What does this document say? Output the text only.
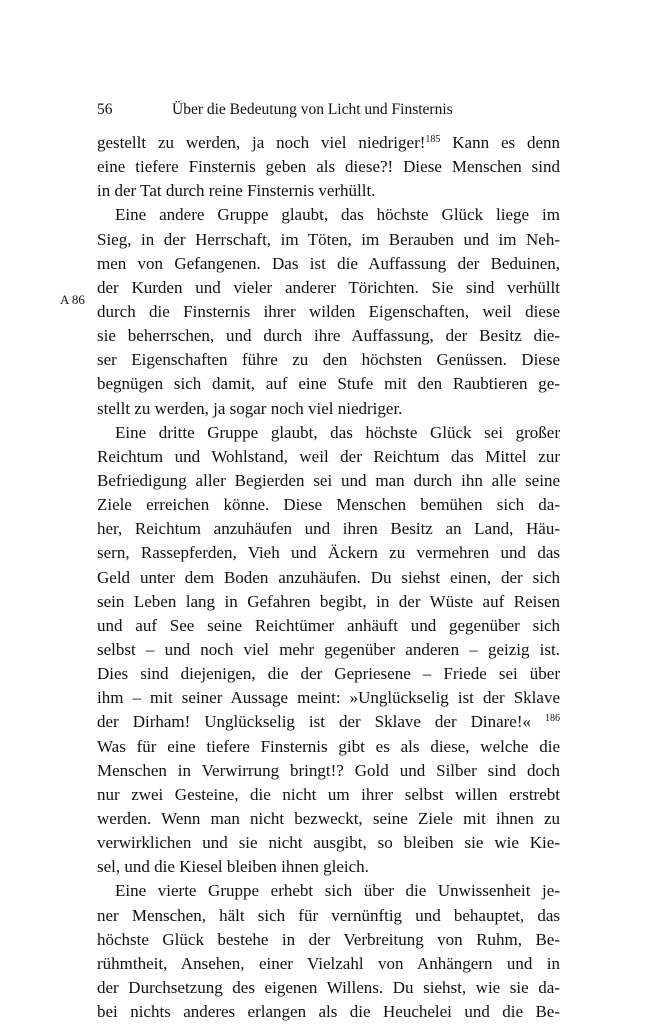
56	Über die Bedeutung von Licht und Finsternis
A 86
gestellt zu werden, ja noch viel niedriger!$^{185}$ Kann es denn
eine tiefere Finsternis geben als diese?! Diese Menschen sind
in der Tat durch reine Finsternis verhüllt.
Eine andere Gruppe glaubt, das höchste Glück liege im
Sieg, in der Herrschaft, im Töten, im Berauben und im Neh-
men von Gefangenen. Das ist die Auffassung der Beduinen,
der Kurden und vieler anderer Törichten. Sie sind verhüllt
durch die Finsternis ihrer wilden Eigenschaften, weil diese
sie beherrschen, und durch ihre Auffassung, der Besitz die-
ser Eigenschaften führe zu den höchsten Genüssen. Diese
begnügen sich damit, auf eine Stufe mit den Raubtieren ge-
stellt zu werden, ja sogar noch viel niedriger.
Eine dritte Gruppe glaubt, das höchste Glück sei großer
Reichtum und Wohlstand, weil der Reichtum das Mittel zur
Befriedigung aller Begierden sei und man durch ihn alle seine
Ziele erreichen könne. Diese Menschen bemühen sich da-
her, Reichtum anzuhäufen und ihren Besitz an Land, Häu-
sern, Rassepferden, Vieh und Äckern zu vermehren und das
Geld unter dem Boden anzuhäufen. Du siehst einen, der sich
sein Leben lang in Gefahren begibt, in der Wüste auf Reisen
und auf See seine Reichtümer anhäuft und gegenüber sich
selbst – und noch viel mehr gegenüber anderen – geizig ist.
Dies sind diejenigen, die der Gepriesene – Friede sei über
ihm – mit seiner Aussage meint: »Unglückselig ist der Sklave
der Dirham! Unglückselig ist der Sklave der Dinare!« $^{186}$
Was für eine tiefere Finsternis gibt es als diese, welche die
Menschen in Verwirrung bringt!? Gold und Silber sind doch
nur zwei Gesteine, die nicht um ihrer selbst willen erstrebt
werden. Wenn man nicht bezweckt, seine Ziele mit ihnen zu
verwirklichen und sie nicht ausgibt, so bleiben sie wie Kie-
sel, und die Kiesel bleiben ihnen gleich.
Eine vierte Gruppe erhebt sich über die Unwissenheit je-
ner Menschen, hält sich für vernünftig und behauptet, das
höchste Glück bestehe in der Verbreitung von Ruhm, Be-
rühmtheit, Ansehen, einer Vielzahl von Anhängern und in
der Durchsetzung des eigenen Willens. Du siehst, wie sie da-
bei nichts anderes erlangen als die Heuchelei und die Be-
